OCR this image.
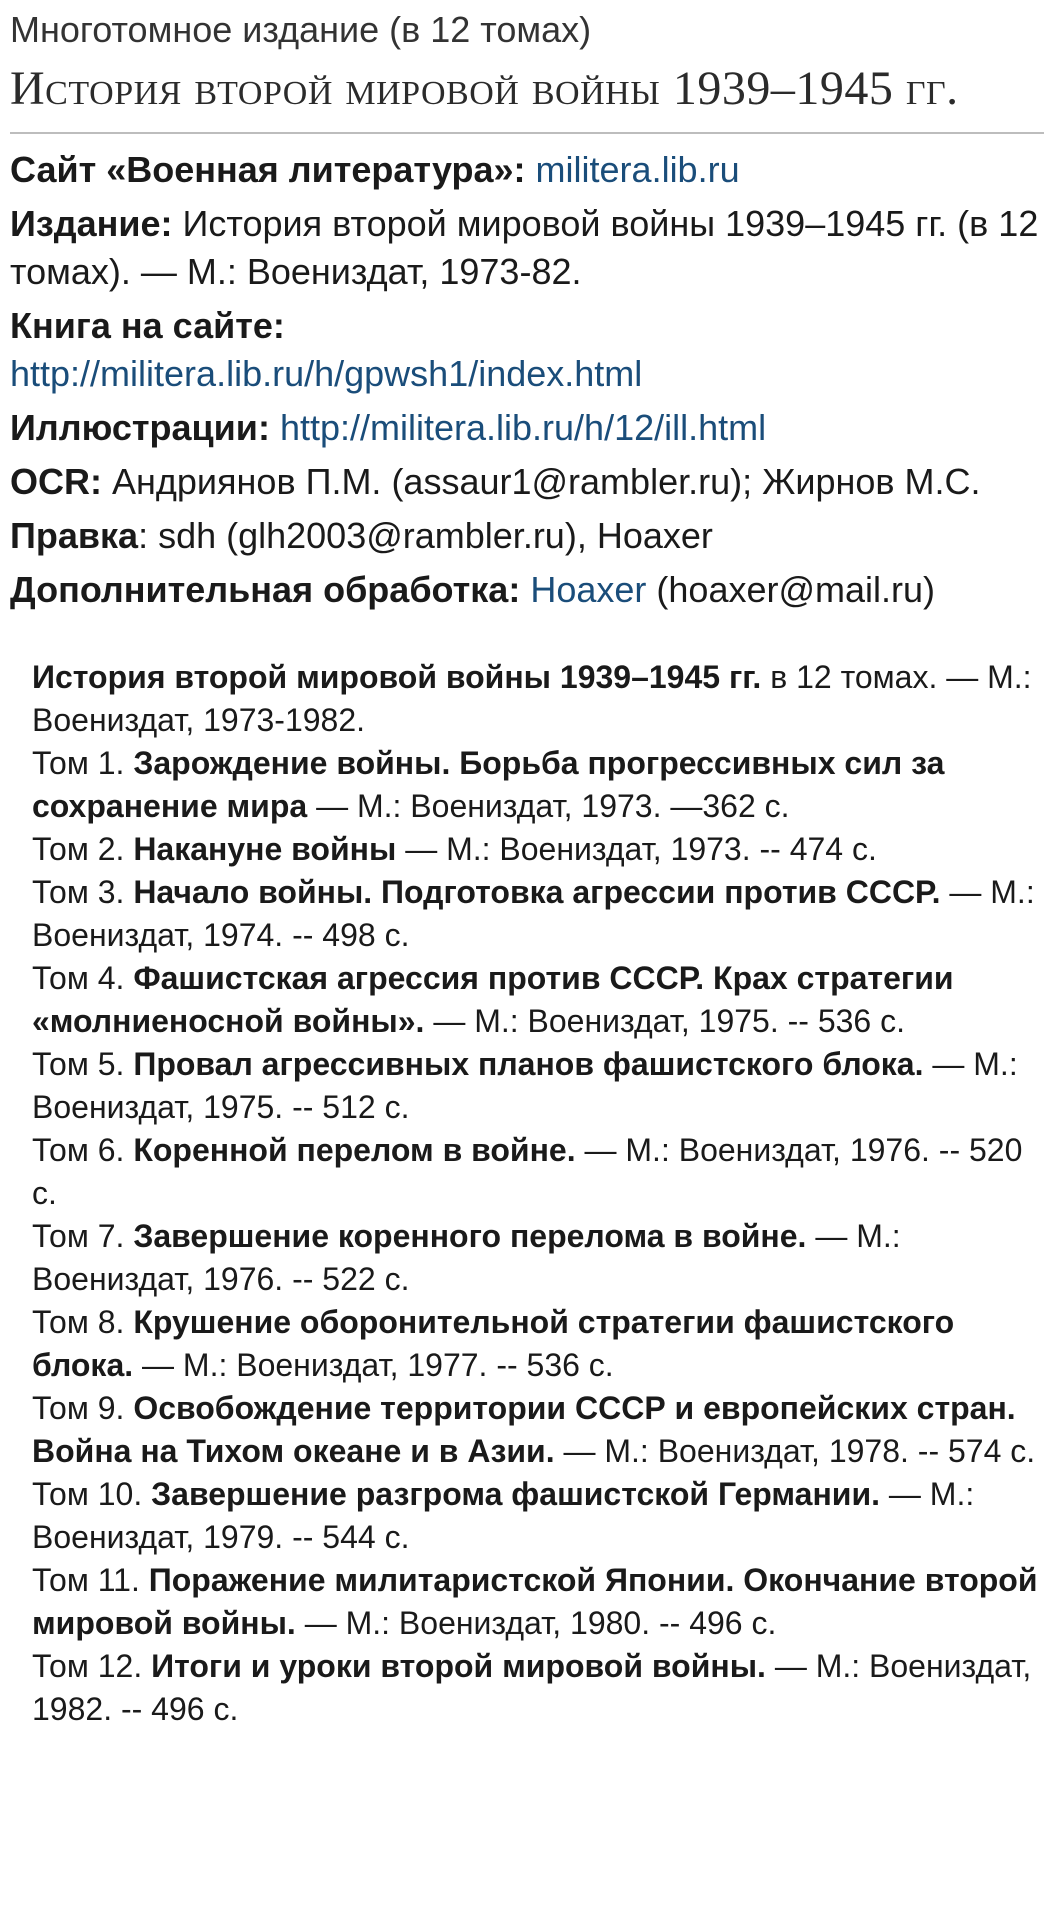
Многотомное издание (в 12 томах)

История второй мировой войны 1939–1945 гг.
Сайт «Военная литература»: militera.lib.ru
Издание: История второй мировой войны 1939–1945 гг. (в 12 томах). — М.: Воениздат, 1973-82.
Книга на сайте:
http://militera.lib.ru/h/gpwsh1/index.html
Иллюстрации: http://militera.lib.ru/h/12/ill.html
OCR: Андриянов П.М. (assaur1@rambler.ru); Жирнов М.С.
Правка: sdh (glh2003@rambler.ru), Hoaxer
Дополнительная обработка: Hoaxer (hoaxer@mail.ru)

История второй мировой войны 1939–1945 гг. в 12 томах. — М.: Воениздат, 1973-1982.

Том 1. Зарождение войны. Борьба прогрессивных сил за сохранение мира — М.: Воениздат, 1973. —362 с.

Том 2. Накануне войны — М.: Воениздат, 1973. -- 474 с.

Том 3. Начало войны. Подготовка агрессии против СССР. — М.: Воениздат, 1974. -- 498 с.

Том 4. Фашистская агрессия против СССР. Крах стратегии «молниеносной войны». — М.: Воениздат, 1975. -- 536 с.

Том 5. Провал агрессивных планов фашистского блока. — М.: Воениздат, 1975. -- 512 с.

Том 6. Коренной перелом в войне. — М.: Воениздат, 1976. -- 520 с.

Том 7. Завершение коренного перелома в войне. — М.: Воениздат, 1976. -- 522 с.

Том 8. Крушение оборонительной стратегии фашистского блока. — М.: Воениздат, 1977. -- 536 с.

Том 9. Освобождение территории СССР и европейских стран. Война на Тихом океане и в Азии. — М.: Воениздат, 1978. -- 574 с.

Том 10. Завершение разгрома фашистской Германии. — М.: Воениздат, 1979. -- 544 с.

Том 11. Поражение милитаристской Японии. Окончание второй мировой войны. — М.: Воениздат, 1980. -- 496 с.

Том 12. Итоги и уроки второй мировой войны. — М.: Воениздат, 1982. -- 496 с.
